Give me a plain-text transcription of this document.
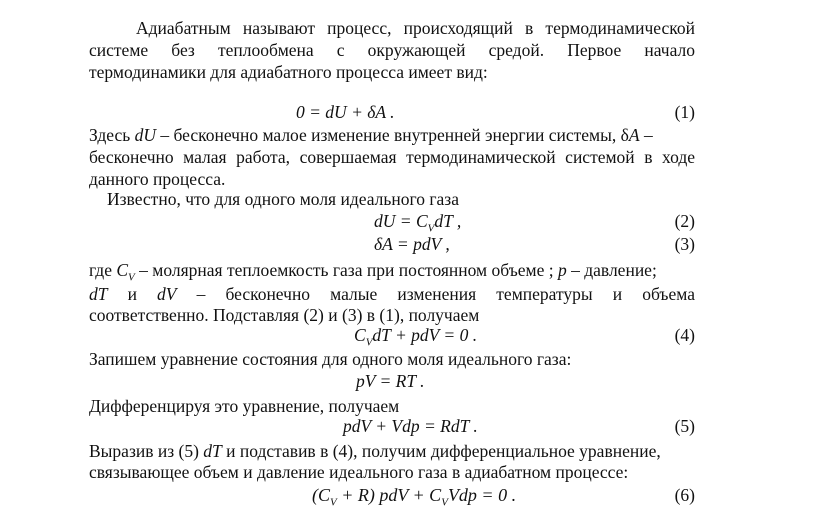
Адиабатным называют процесс, происходящий в термодинамической
системе без теплообмена с окружающей средой. Первое начало
термодинамики для адиабатного процесса имеет вид:
0 = dU + δA .	(1)
Здесь dU – бесконечно малое изменение внутренней энергии системы, δA –
бесконечно малая работа, совершаемая термодинамической системой в ходе
данного процесса.
Известно, что для одного моля идеального газа
dU = $C_VdT$ ,	(2)
δA = pdV ,	(3)
где $C_V$ – молярная теплоемкость газа при постоянном объеме ; p – давление;
dT и dV – бесконечно малые изменения температуры и объема
соответственно. Подставляя (2) и (3) в (1), получаем
$C_VdT$ + pdV = 0 .	(4)
Запишем уравнение состояния для одного моля идеального газа:
pV = RT .
Дифференцируя это уравнение, получаем
pdV + Vdp = RdT .	(5)
Выразив из (5) dT и подставив в (4), получим дифференциальное уравнение,
связывающее объем и давление идеального газа в адиабатном процессе:
$(C_V + R)$ pdV + $C_VVdp = 0$ .	(6)
